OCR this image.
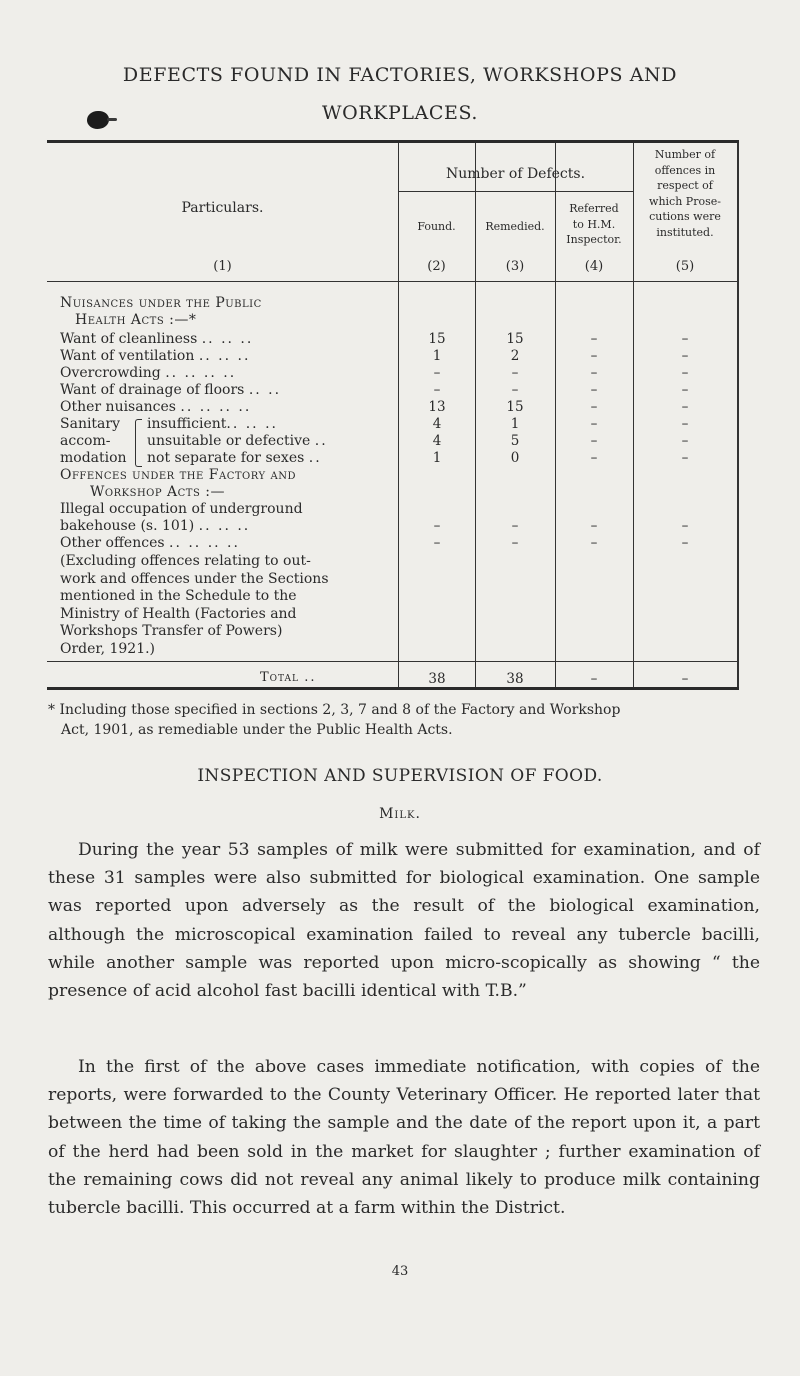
DEFECTS FOUND IN FACTORIES, WORKSHOPS AND
WORKPLACES.
Particulars.
Number of Defects.
Found.	Remedied.
Referred
to H.M.
Inspector.
Number of
offences in
respect of
which Prose-
cutions were
instituted.
(1)	(2)	(3)	(4)	(5)
Nuisances under the Public
Health Acts :—*
Want of cleanliness .. .. ..	15	15	–	–
Want of ventilation .. .. ..	1	2	–	–
Overcrowding .. .. .. ..	–	–	–	–
Want of drainage of floors .. ..	–	–	–	–
Other nuisances .. .. .. ..	13	15	–	–
Sanitary
accom-
modation
insufficient.. .. ..	4	1	–	–
unsuitable or defective ..	4	5	–	–
not separate for sexes ..	1	0	–	–
Offences under the Factory and
Workshop Acts :—
Illegal occupation of underground
bakehouse (s. 101) .. .. ..	–	–	–	–
Other offences .. .. .. ..	–	–	–	–
(Excluding offences relating to out-
work and offences under the Sections
mentioned in the Schedule to the
Ministry of Health (Factories and
Workshops Transfer of Powers)
Order, 1921.)
Total ..	38	38	–	–
* Including those specified in sections 2, 3, 7 and 8 of the Factory and Workshop
Act, 1901, as remediable under the Public Health Acts.
INSPECTION AND SUPERVISION OF FOOD.
Milk.
During the year 53 samples of milk were submitted for examination, and of these 31 samples were also submitted for biological examination. One sample was reported upon adversely as the result of the biological examination, although the microscopical examination failed to reveal any tubercle bacilli, while another sample was reported upon micro-scopically as showing “ the presence of acid alcohol fast bacilli identical with T.B.”
In the first of the above cases immediate notification, with copies of the reports, were forwarded to the County Veterinary Officer. He reported later that between the time of taking the sample and the date of the report upon it, a part of the herd had been sold in the market for slaughter ; further examination of the remaining cows did not reveal any animal likely to produce milk containing tubercle bacilli. This occurred at a farm within the District.
43
